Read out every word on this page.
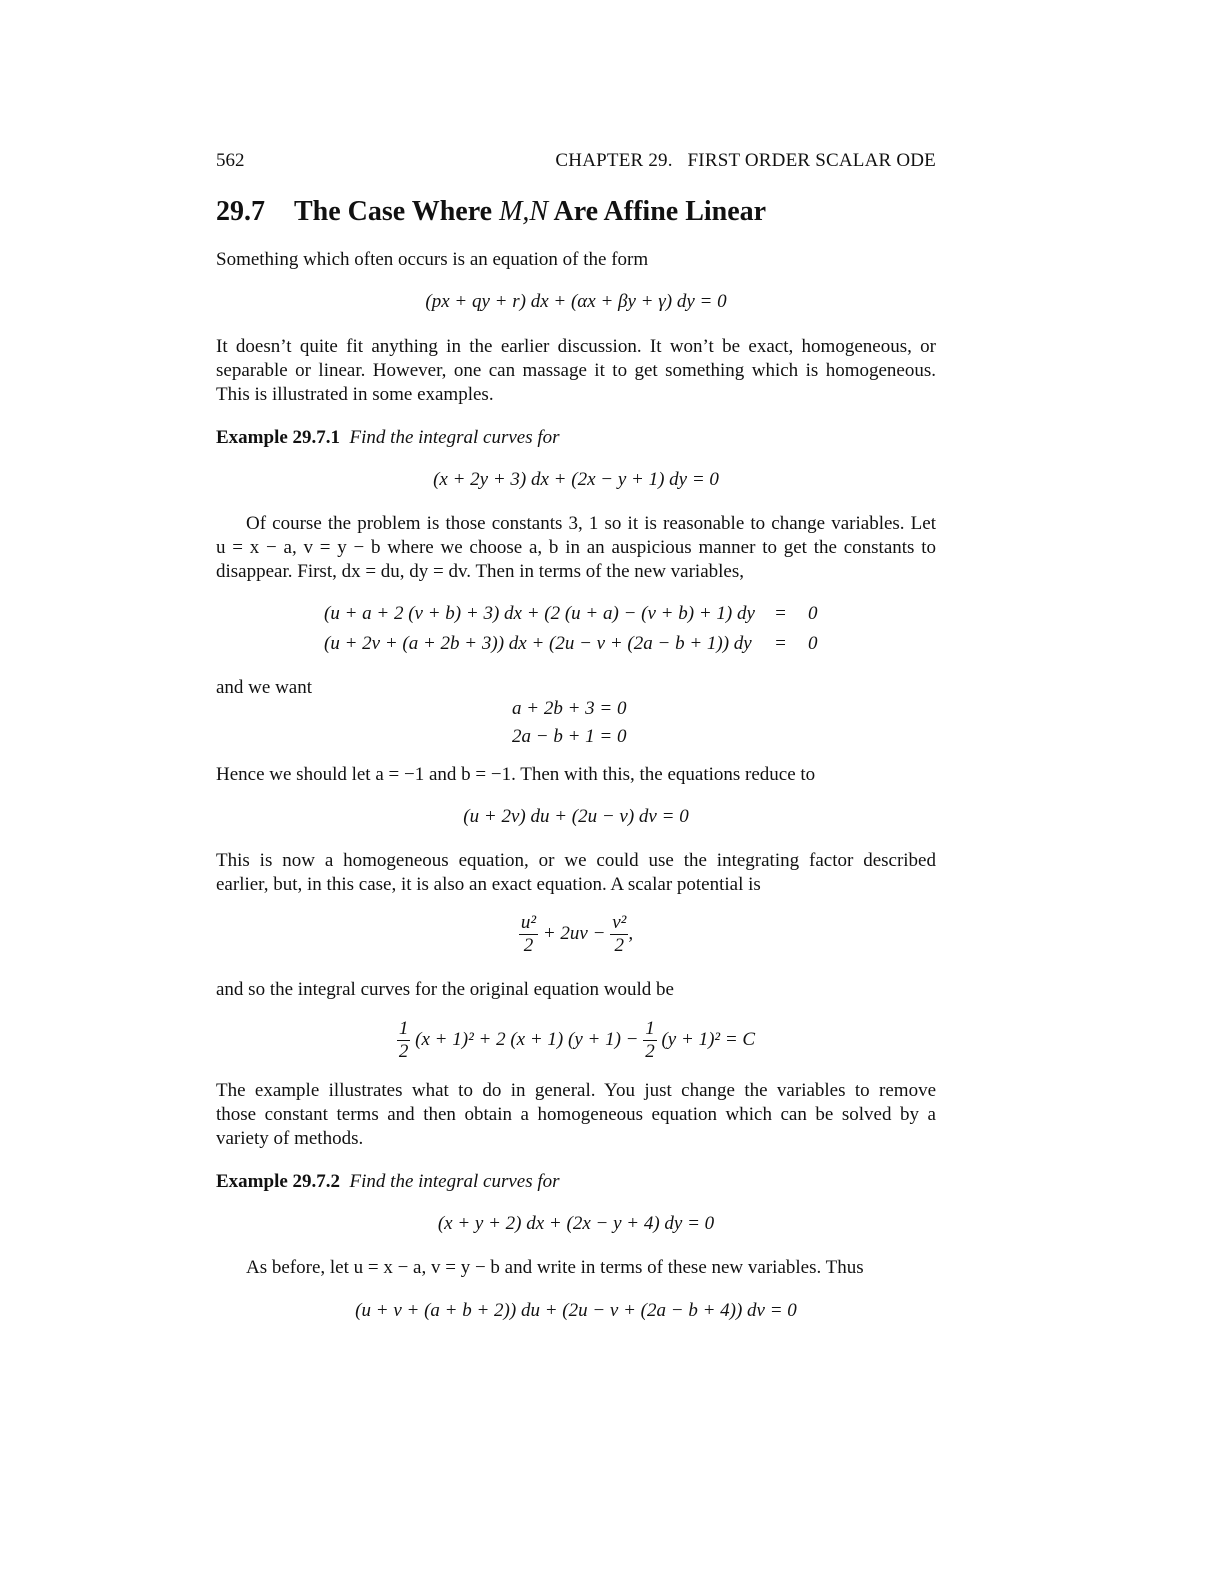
562	CHAPTER 29.   FIRST ORDER SCALAR ODE
29.7 The Case Where M,N Are Affine Linear
Something which often occurs is an equation of the form
(px + qy + r) dx + (αx + βy + γ) dy = 0
It doesn’t quite fit anything in the earlier discussion. It won’t be exact, homogeneous, or
separable or linear. However, one can massage it to get something which is homogeneous.
This is illustrated in some examples.
Example 29.7.1 Find the integral curves for
(x + 2y + 3) dx + (2x − y + 1) dy = 0
Of course the problem is those constants 3, 1 so it is reasonable to change variables. Let
u = x − a, v = y − b where we choose a, b in an auspicious manner to get the constants to
disappear. First, dx = du, dy = dv. Then in terms of the new variables,
(u + a + 2 (v + b) + 3) dx + (2 (u + a) − (v + b) + 1) dy = 0
(u + 2v + (a + 2b + 3)) dx + (2u − v + (2a − b + 1)) dy = 0
and we want
a + 2b + 3 = 0
2a − b + 1 = 0
Hence we should let a = −1 and b = −1. Then with this, the equations reduce to
(u + 2v) du + (2u − v) dv = 0
This is now a homogeneous equation, or we could use the integrating factor described
earlier, but, in this case, it is also an exact equation. A scalar potential is
$\frac{\text{u²}}{2} + 2uv - \frac{\text{v²}}{2}$ ,
and so the integral curves for the original equation would be
$\frac{1}{2} (x + 1)^2 + 2$ (x + 1) $(y + 1) - \frac{1}{2} (y + 1)^2 = C$
The example illustrates what to do in general. You just change the variables to remove
those constant terms and then obtain a homogeneous equation which can be solved by a
variety of methods.
Example 29.7.2 Find the integral curves for
(x + y + 2) dx + (2x − y + 4) dy = 0
As before, let u = x − a, v = y − b and write in terms of these new variables. Thus
(u + v + (a + b + 2)) du + (2u − v + (2a − b + 4)) dv = 0
